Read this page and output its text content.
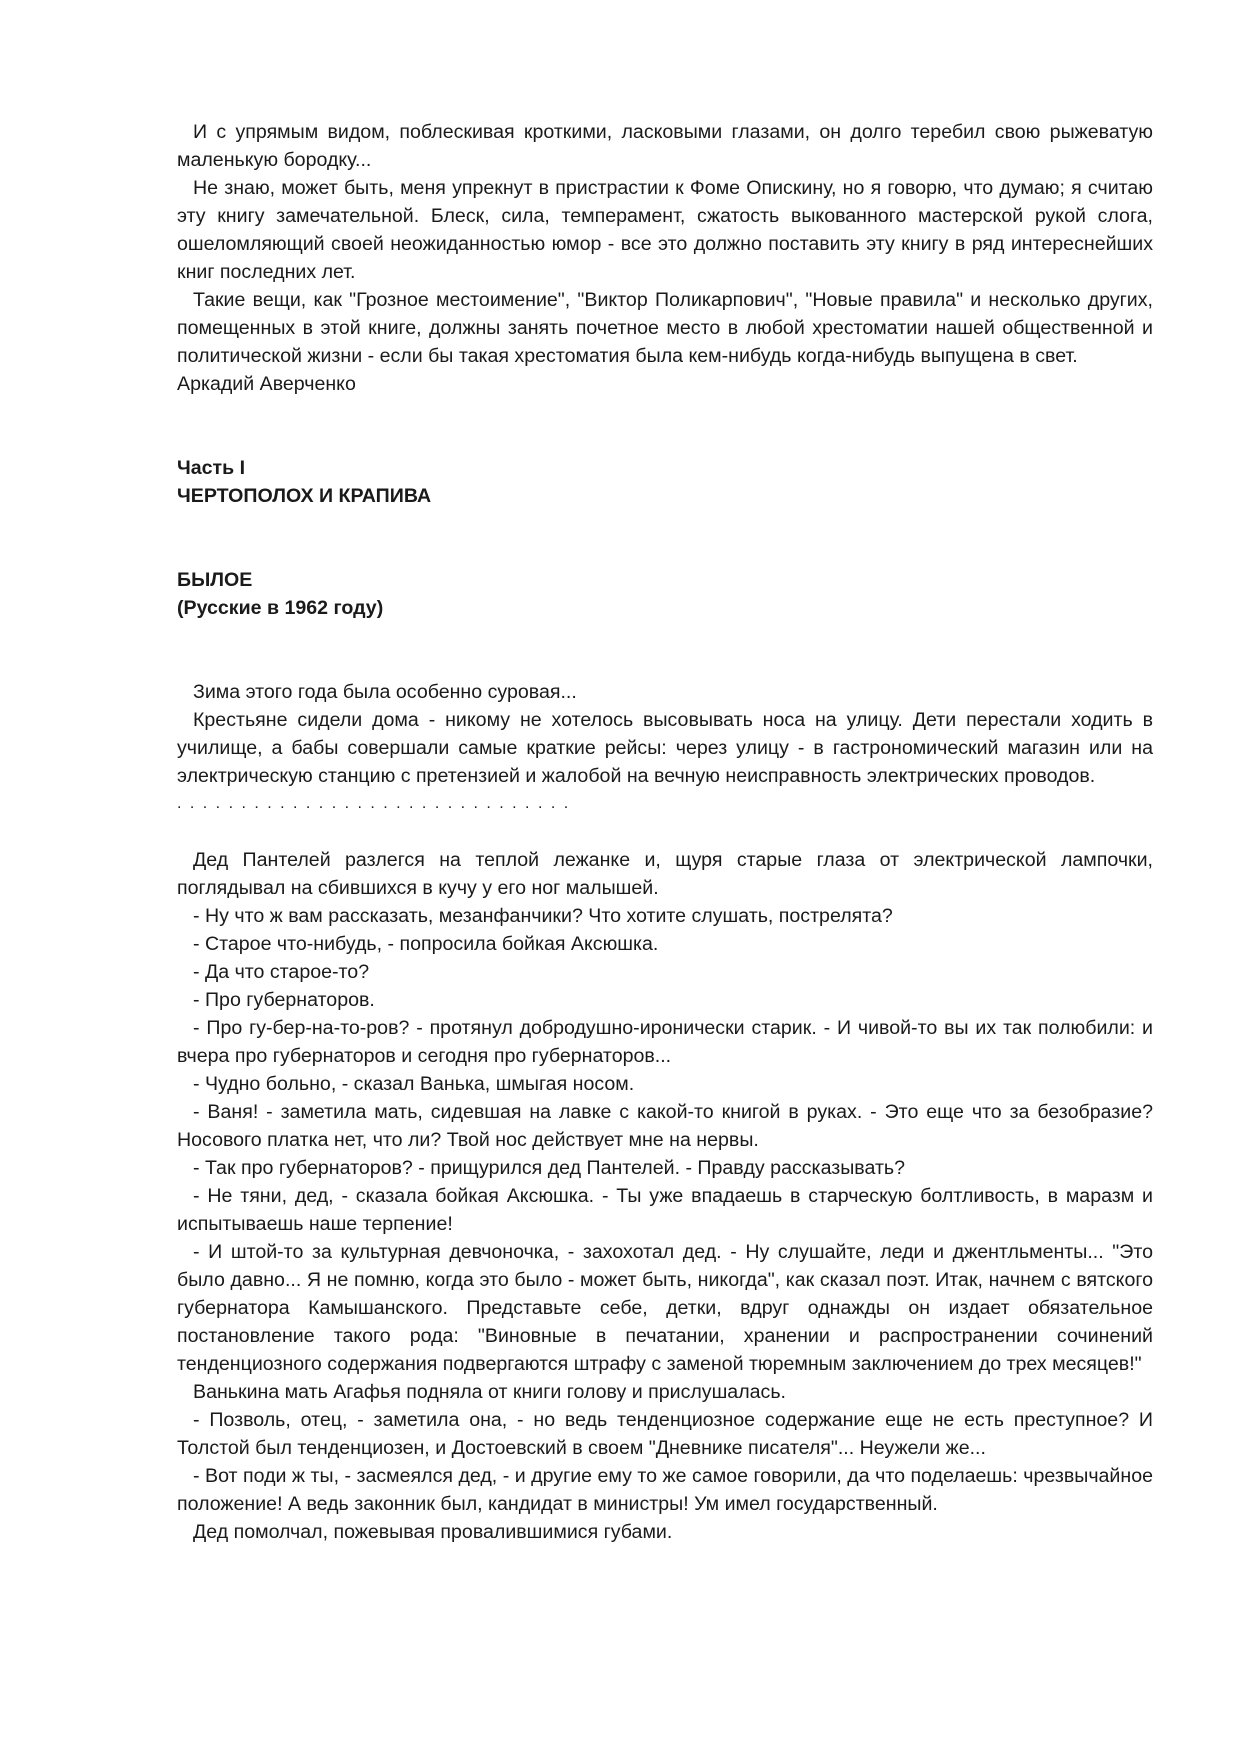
И с упрямым видом, поблескивая кроткими, ласковыми глазами, он долго теребил свою рыжеватую маленькую бородку...

Не знаю, может быть, меня упрекнут в пристрастии к Фоме Опискину, но я говорю, что думаю; я считаю эту книгу замечательной. Блеск, сила, темперамент, сжатость выкованного мастерской рукой слога, ошеломляющий своей неожиданностью юмор - все это должно поставить эту книгу в ряд интереснейших книг последних лет.

Такие вещи, как "Грозное местоимение", "Виктор Поликарпович", "Новые правила" и несколько других, помещенных в этой книге, должны занять почетное место в любой хрестоматии нашей общественной и политической жизни - если бы такая хрестоматия была кем-нибудь когда-нибудь выпущена в свет.

Аркадий Аверченко

Часть I

ЧЕРТОПОЛОХ И КРАПИВА

БЫЛОЕ

(Русские в 1962 году)

Зима этого года была особенно суровая...

Крестьяне сидели дома - никому не хотелось высовывать носа на улицу. Дети перестали ходить в училище, а бабы совершали самые краткие рейсы: через улицу - в гастрономический магазин или на электрическую станцию с претензией и жалобой на вечную неисправность электрических проводов.

. . . . . . . . . . . . . . . . . . . . . . . . . . . . . . .

Дед Пантелей разлегся на теплой лежанке и, щуря старые глаза от электрической лампочки, поглядывал на сбившихся в кучу у его ног малышей.

- Ну что ж вам рассказать, мезанфанчики? Что хотите слушать, пострелята?

- Старое что-нибудь, - попросила бойкая Аксюшка.

- Да что старое-то?

- Про губернаторов.

- Про гу-бер-на-то-ров? - протянул добродушно-иронически старик. - И чивой-то вы их так полюбили: и вчера про губернаторов и сегодня про губернаторов...

- Чудно больно, - сказал Ванька, шмыгая носом.

- Ваня! - заметила мать, сидевшая на лавке с какой-то книгой в руках. - Это еще что за безобразие? Носового платка нет, что ли? Твой нос действует мне на нервы.

- Так про губернаторов? - прищурился дед Пантелей. - Правду рассказывать?

- Не тяни, дед, - сказала бойкая Аксюшка. - Ты уже впадаешь в старческую болтливость, в маразм и испытываешь наше терпение!

- И штой-то за культурная девчоночка, - захохотал дед. - Ну слушайте, леди и джентльменты... "Это было давно... Я не помню, когда это было - может быть, никогда", как сказал поэт. Итак, начнем с вятского губернатора Камышанского. Представьте себе, детки, вдруг однажды он издает обязательное постановление такого рода: "Виновные в печатании, хранении и распространении сочинений тенденциозного содержания подвергаются штрафу с заменой тюремным заключением до трех месяцев!"

Ванькина мать Агафья подняла от книги голову и прислушалась.

- Позволь, отец, - заметила она, - но ведь тенденциозное содержание еще не есть преступное? И Толстой был тенденциозен, и Достоевский в своем "Дневнике писателя"... Неужели же...

- Вот поди ж ты, - засмеялся дед, - и другие ему то же самое говорили, да что поделаешь: чрезвычайное положение! А ведь законник был, кандидат в министры! Ум имел государственный.

Дед помолчал, пожевывая провалившимися губами.
